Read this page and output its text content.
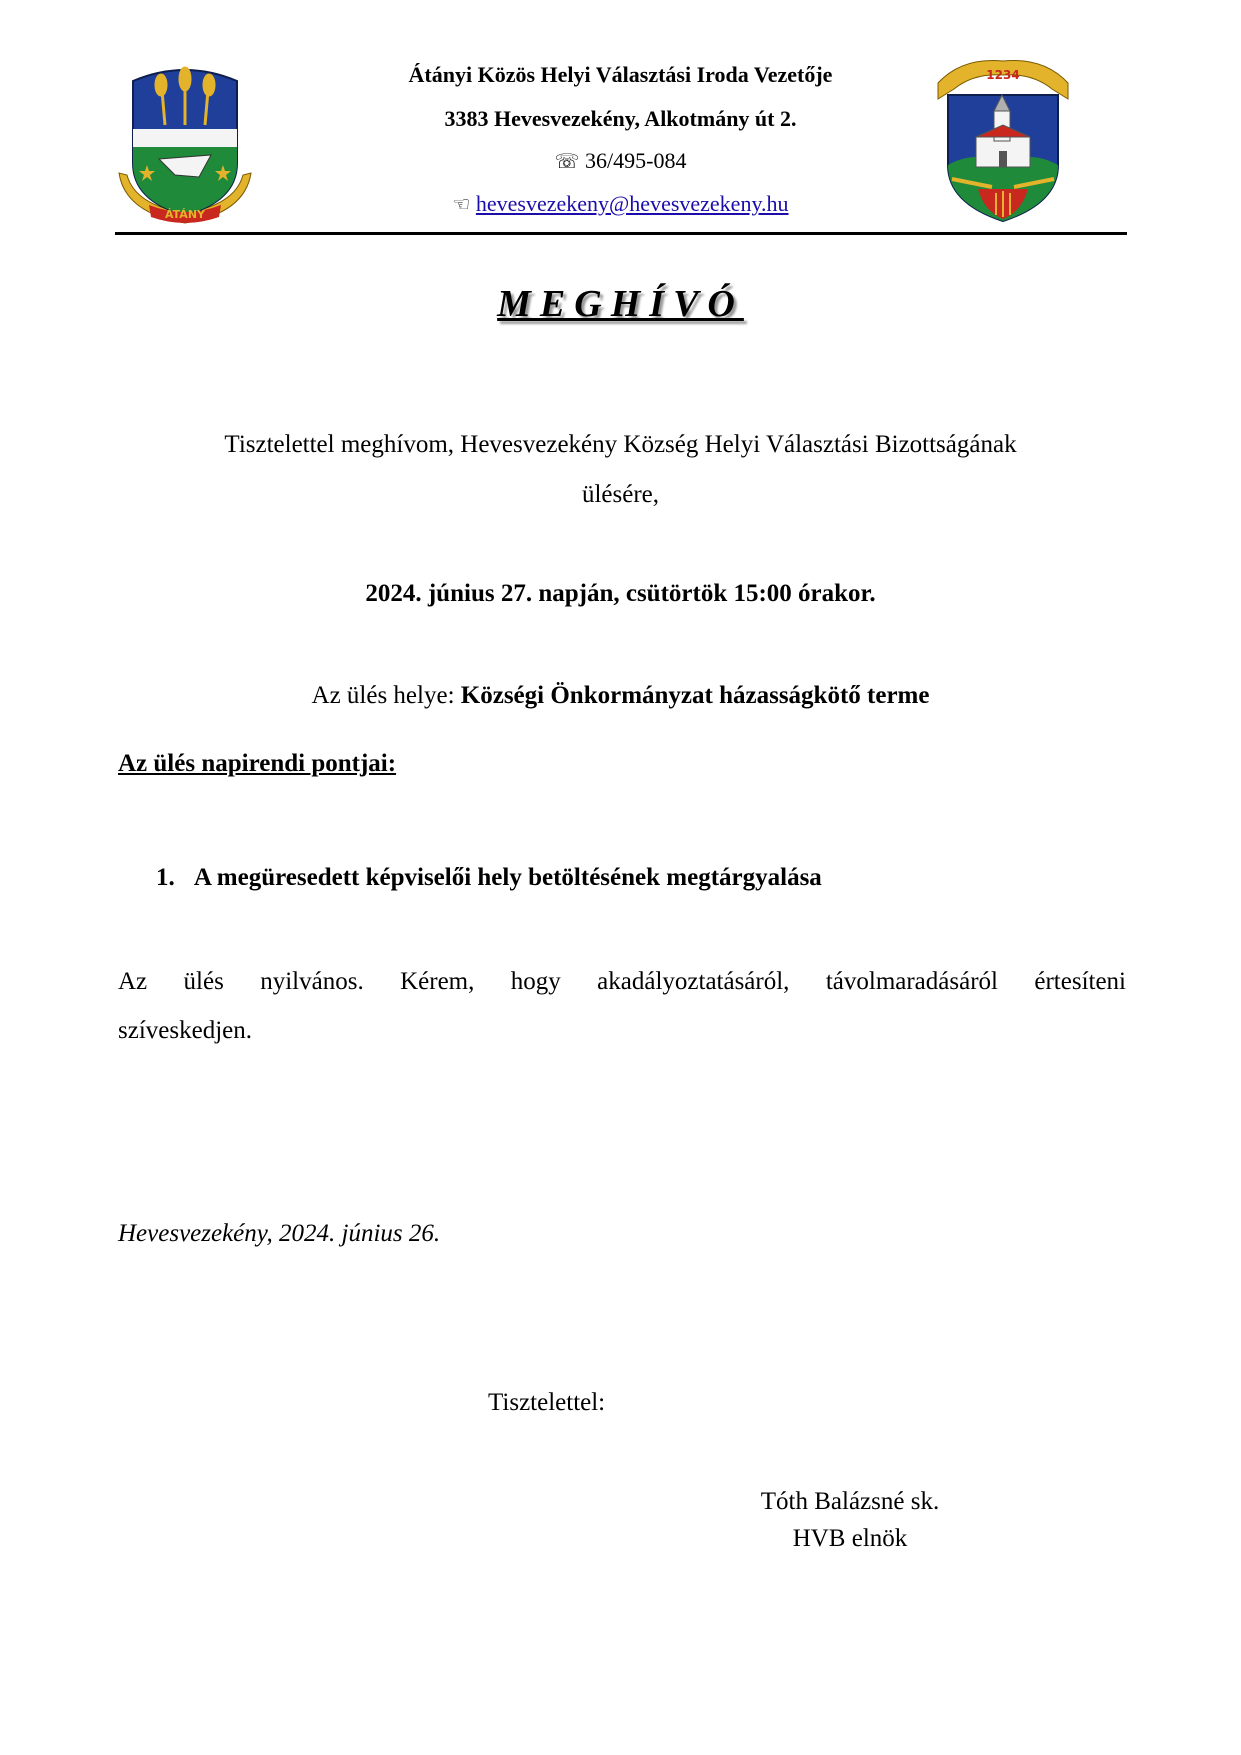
ÁTÁNY
1234
Átányi Közös Helyi Választási Iroda Vezetője
3383 Hevesvezekény, Alkotmány út 2.
☏ 36/495-084
☜ hevesvezekeny@hevesvezekeny.hu
MEGHÍVÓ
Tisztelettel meghívom, Hevesvezekény Község Helyi Választási Bizottságának
ülésére,
2024. június 27. napján, csütörtök 15:00 órakor.
Az ülés helye: Községi Önkormányzat házasságkötő terme
Az ülés napirendi pontjai:
1. A megüresedett képviselői hely betöltésének megtárgyalása
Az ülés nyilvános. Kérem, hogy akadályoztatásáról, távolmaradásáról értesíteni
szíveskedjen.
Hevesvezekény, 2024. június 26.
Tisztelettel:
Tóth Balázsné sk.
HVB elnök
